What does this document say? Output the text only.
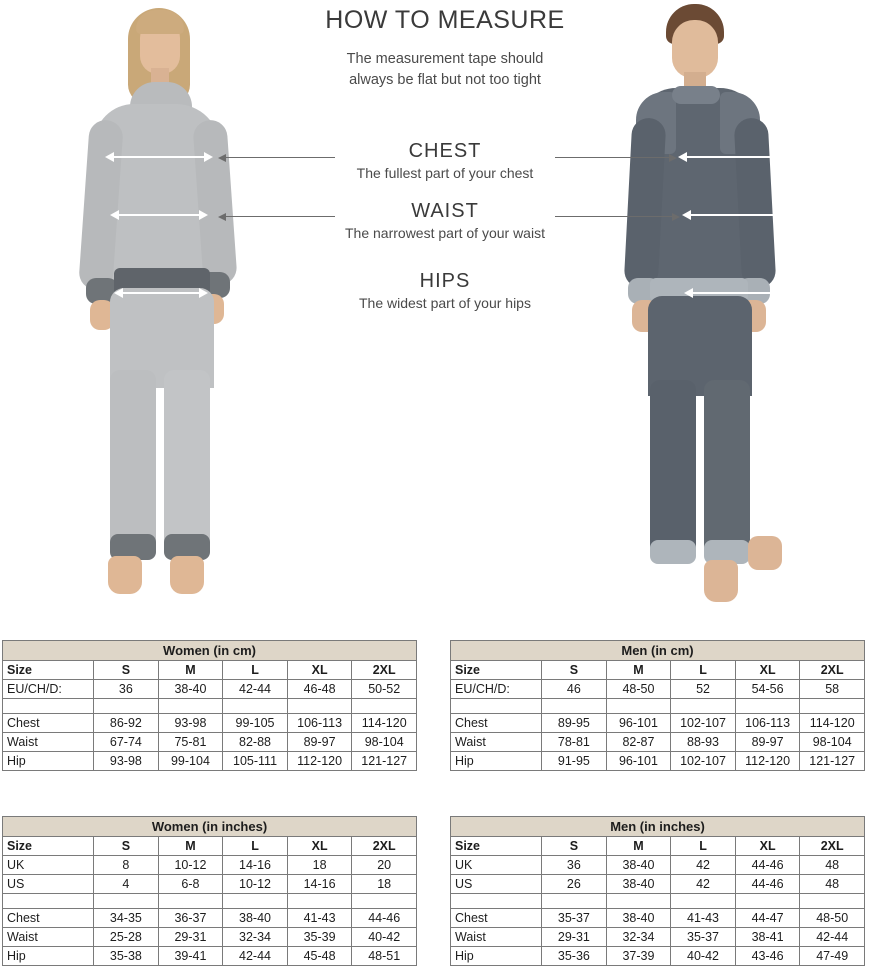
HOW TO MEASURE
The measurement tape should
always be flat but not too tight
CHEST
The fullest part of your chest
WAIST
The narrowest part of your waist
HIPS
The widest part of your hips
Women (in cm)					
Size	S	M	L	XL	2XL
EU/CH/D:	36	38-40	42-44	46-48	50-52

Chest	86-92	93-98	99-105	106-113	114-120
Waist	67-74	75-81	82-88	89-97	98-104
Hip	93-98	99-104	105-111	112-120	121-127
Men (in cm)					
Size	S	M	L	XL	2XL
EU/CH/D:	46	48-50	52	54-56	58

Chest	89-95	96-101	102-107	106-113	114-120
Waist	78-81	82-87	88-93	89-97	98-104
Hip	91-95	96-101	102-107	112-120	121-127
Women (in inches)					
Size	S	M	L	XL	2XL
UK	8	10-12	14-16	18	20
US	4	6-8	10-12	14-16	18

Chest	34-35	36-37	38-40	41-43	44-46
Waist	25-28	29-31	32-34	35-39	40-42
Hip	35-38	39-41	42-44	45-48	48-51
Men (in inches)					
Size	S	M	L	XL	2XL
UK	36	38-40	42	44-46	48
US	26	38-40	42	44-46	48

Chest	35-37	38-40	41-43	44-47	48-50
Waist	29-31	32-34	35-37	38-41	42-44
Hip	35-36	37-39	40-42	43-46	47-49
